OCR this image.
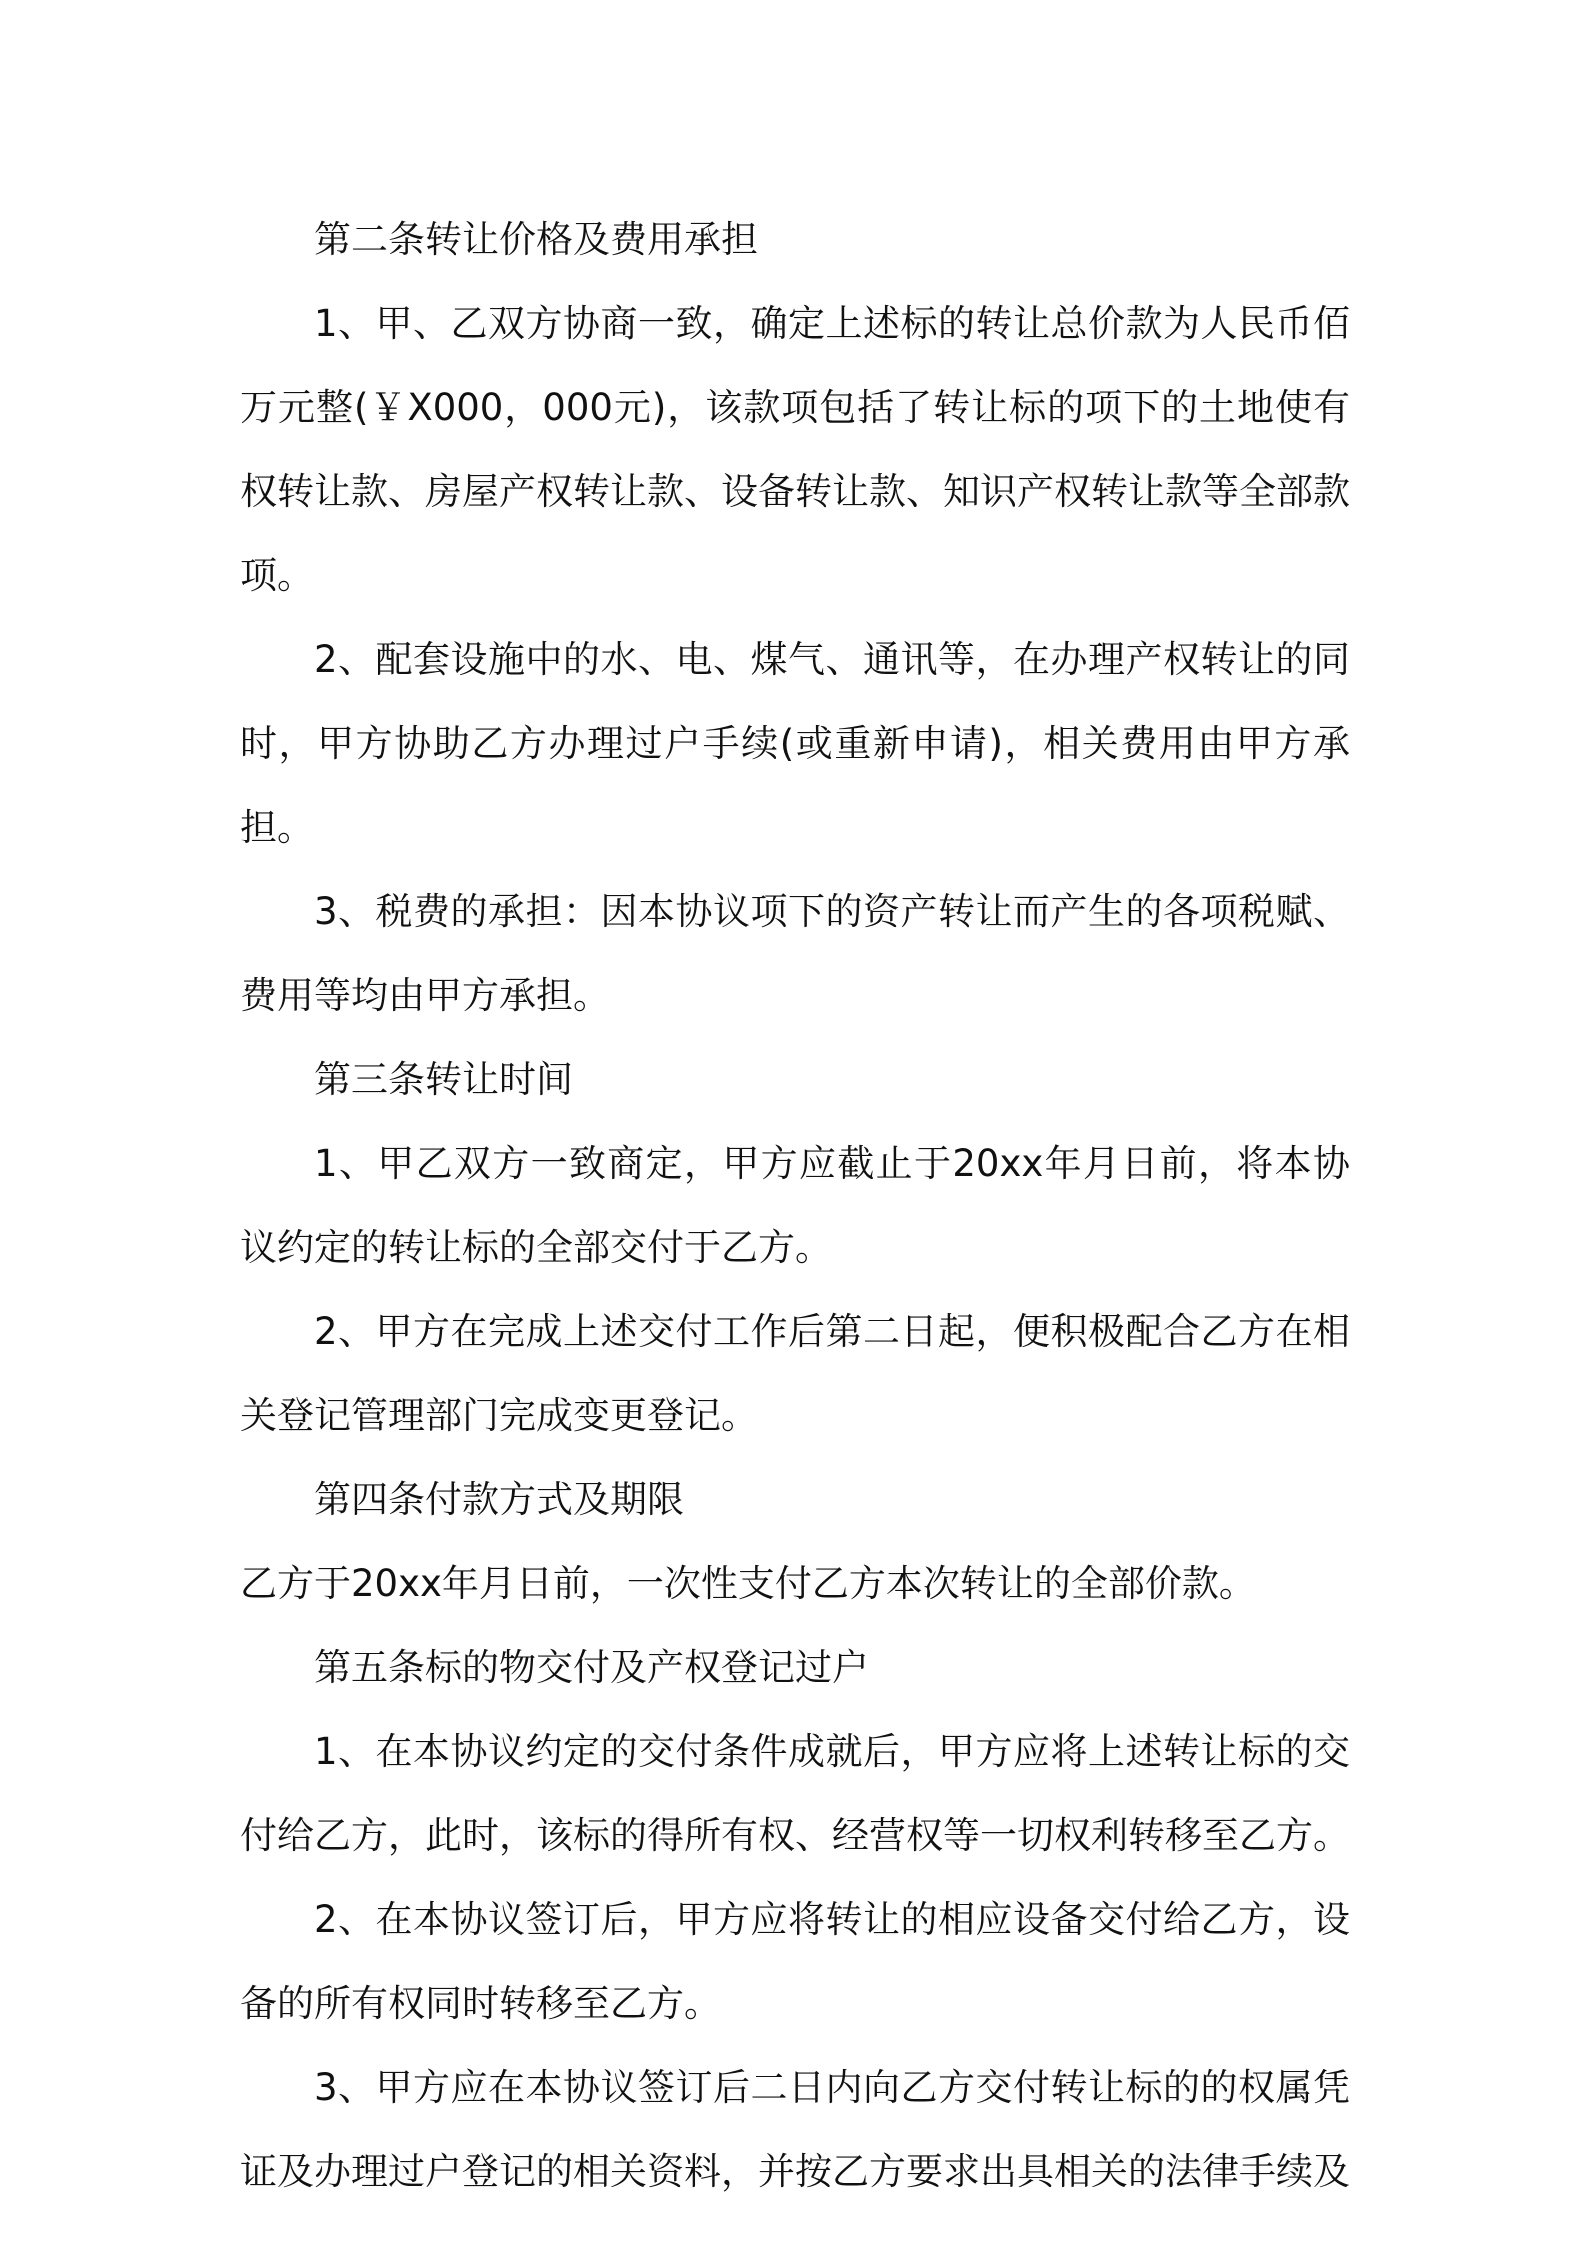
第二条转让价格及费用承担

1、甲、乙双方协商一致，确定上述标的转让总价款为人民币佰万元整(￥X000，000元)，该款项包括了转让标的项下的土地使有权转让款、房屋产权转让款、设备转让款、知识产权转让款等全部款项。

2、配套设施中的水、电、煤气、通讯等，在办理产权转让的同时，甲方协助乙方办理过户手续(或重新申请)，相关费用由甲方承担。

3、税费的承担：因本协议项下的资产转让而产生的各项税赋、费用等均由甲方承担。

第三条转让时间

1、甲乙双方一致商定，甲方应截止于20xx年月日前，将本协议约定的转让标的全部交付于乙方。

2、甲方在完成上述交付工作后第二日起，便积极配合乙方在相关登记管理部门完成变更登记。

第四条付款方式及期限

乙方于20xx年月日前，一次性支付乙方本次转让的全部价款。

第五条标的物交付及产权登记过户

1、在本协议约定的交付条件成就后，甲方应将上述转让标的交付给乙方，此时，该标的得所有权、经营权等一切权利转移至乙方。

2、在本协议签订后，甲方应将转让的相应设备交付给乙方，设备的所有权同时转移至乙方。

3、甲方应在本协议签订后二日内向乙方交付转让标的的权属凭证及办理过户登记的相关资料，并按乙方要求出具相关的法律手续及
